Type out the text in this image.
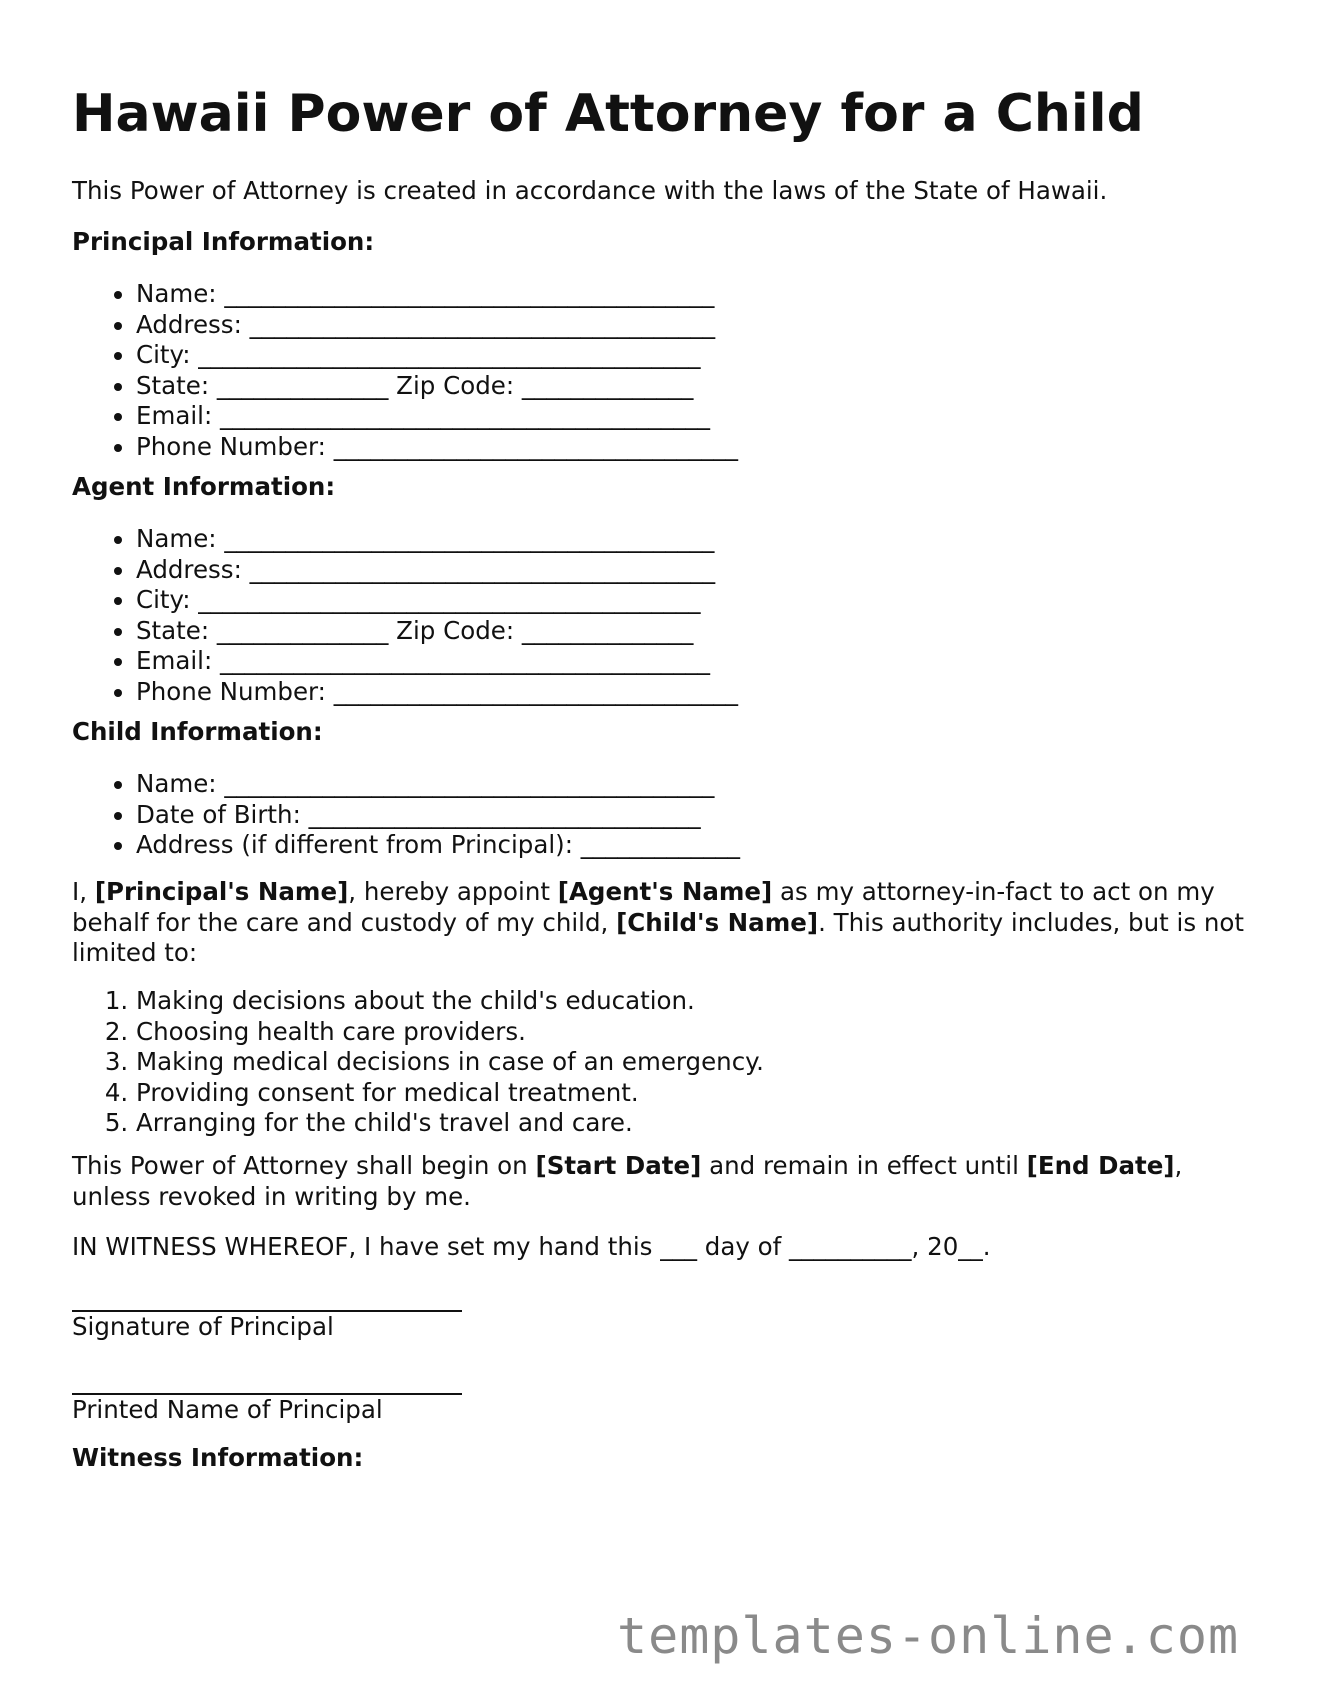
Hawaii Power of Attorney for a Child
This Power of Attorney is created in accordance with the laws of the State of Hawaii.
Principal Information:
• Name: ________________________________________
• Address: ______________________________________
• City: _________________________________________
• State: ______________ Zip Code: ______________
• Email: ________________________________________
• Phone Number: _________________________________
Agent Information:
• Name: ________________________________________
• Address: ______________________________________
• City: _________________________________________
• State: ______________ Zip Code: ______________
• Email: ________________________________________
• Phone Number: _________________________________
Child Information:
• Name: ________________________________________
• Date of Birth: ________________________________
• Address (if different from Principal): _____________
I, [Principal's Name], hereby appoint [Agent's Name] as my attorney-in-fact to act on my behalf for the care and custody of my child, [Child's Name]. This authority includes, but is not limited to:
1. Making decisions about the child's education.
2. Choosing health care providers.
3. Making medical decisions in case of an emergency.
4. Providing consent for medical treatment.
5. Arranging for the child's travel and care.
This Power of Attorney shall begin on [Start Date] and remain in effect until [End Date], unless revoked in writing by me.
IN WITNESS WHEREOF, I have set my hand this ___ day of __________, 20__.
Signature of Principal
Printed Name of Principal
Witness Information:
templates-online.com
